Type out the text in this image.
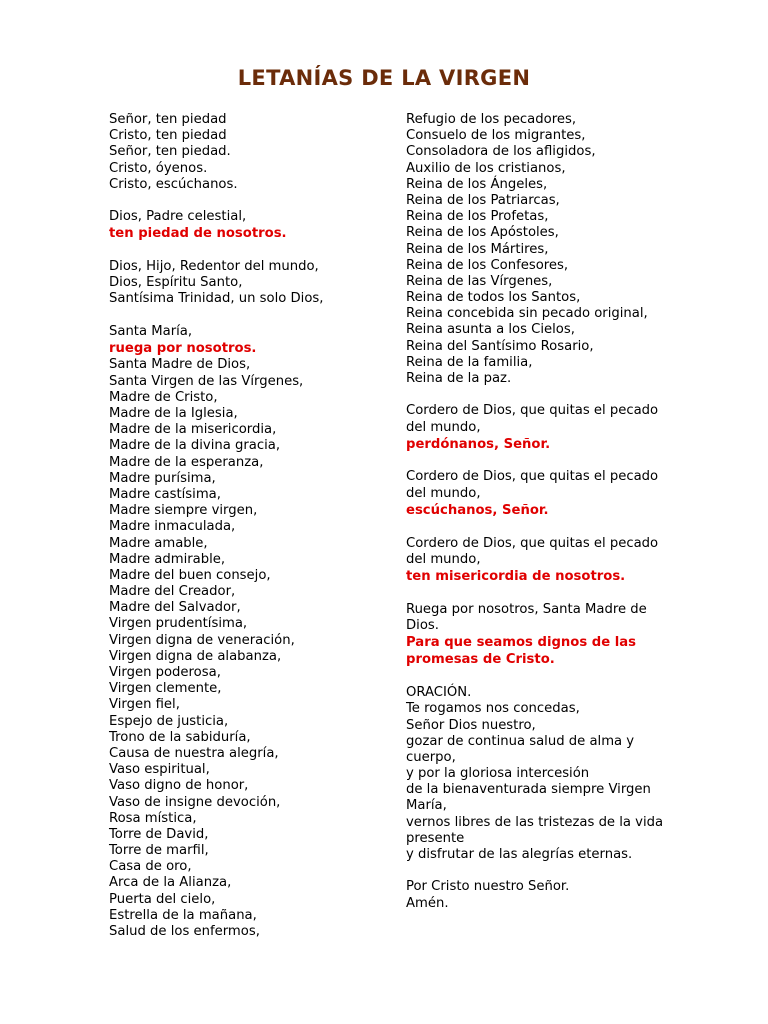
LETANÍAS DE LA VIRGEN
Señor, ten piedad
Cristo, ten piedad
Señor, ten piedad.
Cristo, óyenos.
Cristo, escúchanos.
Dios, Padre celestial,
ten piedad de nosotros.
Dios, Hijo, Redentor del mundo,
Dios, Espíritu Santo,
Santísima Trinidad, un solo Dios,
Santa María,
ruega por nosotros.
Santa Madre de Dios,
Santa Virgen de las Vírgenes,
Madre de Cristo,
Madre de la Iglesia,
Madre de la misericordia,
Madre de la divina gracia,
Madre de la esperanza,
Madre purísima,
Madre castísima,
Madre siempre virgen,
Madre inmaculada,
Madre amable,
Madre admirable,
Madre del buen consejo,
Madre del Creador,
Madre del Salvador,
Virgen prudentísima,
Virgen digna de veneración,
Virgen digna de alabanza,
Virgen poderosa,
Virgen clemente,
Virgen fiel,
Espejo de justicia,
Trono de la sabiduría,
Causa de nuestra alegría,
Vaso espiritual,
Vaso digno de honor,
Vaso de insigne devoción,
Rosa mística,
Torre de David,
Torre de marfil,
Casa de oro,
Arca de la Alianza,
Puerta del cielo,
Estrella de la mañana,
Salud de los enfermos,
Refugio de los pecadores,
Consuelo de los migrantes,
Consoladora de los afligidos,
Auxilio de los cristianos,
Reina de los Ángeles,
Reina de los Patriarcas,
Reina de los Profetas,
Reina de los Apóstoles,
Reina de los Mártires,
Reina de los Confesores,
Reina de las Vírgenes,
Reina de todos los Santos,
Reina concebida sin pecado original,
Reina asunta a los Cielos,
Reina del Santísimo Rosario,
Reina de la familia,
Reina de la paz.
Cordero de Dios, que quitas el pecado
del mundo,
perdónanos, Señor.
Cordero de Dios, que quitas el pecado
del mundo,
escúchanos, Señor.
Cordero de Dios, que quitas el pecado
del mundo,
ten misericordia de nosotros.
Ruega por nosotros, Santa Madre de
Dios.
Para que seamos dignos de las
promesas de Cristo.
ORACIÓN.
Te rogamos nos concedas,
Señor Dios nuestro,
gozar de continua salud de alma y
cuerpo,
y por la gloriosa intercesión
de la bienaventurada siempre Virgen
María,
vernos libres de las tristezas de la vida
presente
y disfrutar de las alegrías eternas.
Por Cristo nuestro Señor.
Amén.
